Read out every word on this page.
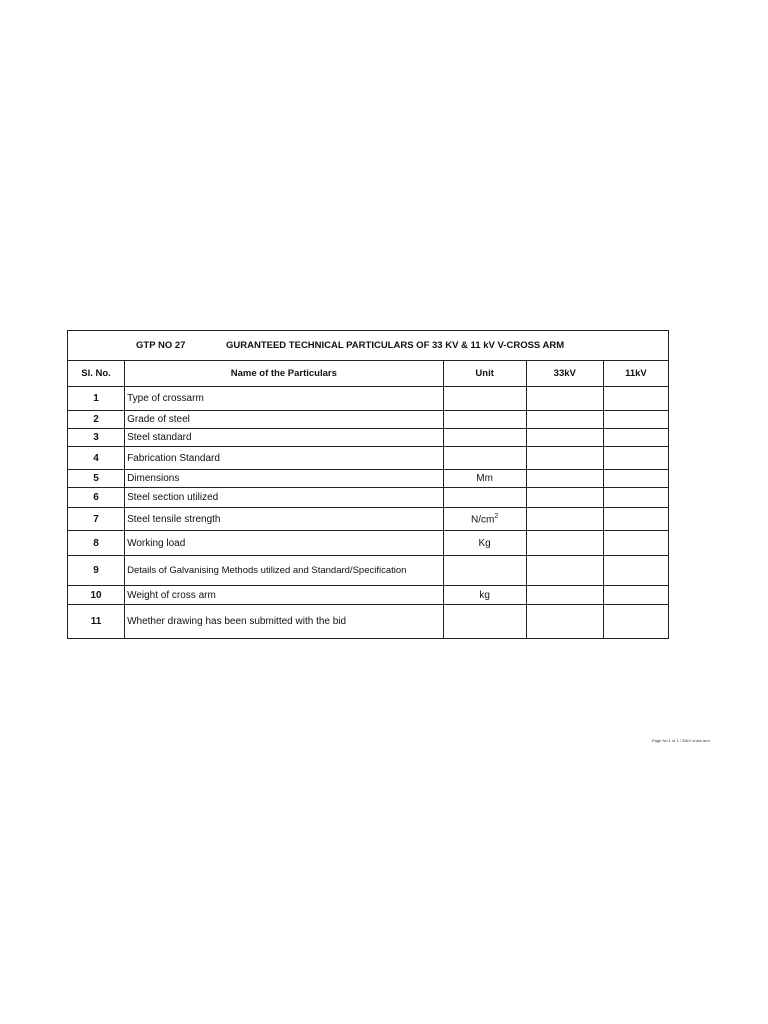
GTP NO 27 GURANTEED TECHNICAL PARTICULARS OF 33 KV & 11 kV V-CROSS ARM				
Sl. No.	Name of the Particulars	Unit	33kV	11kV
1	Type of crossarm			
2	Grade of steel			
3	Steel standard			
4	Fabrication Standard			
5	Dimensions	Mm		
6	Steel section utilized			
7	Steel tensile strength	$N/cm^2$		
8	Working load	Kg		
9	Details of Galvanising Methods utilized and Standard/Specification			
10	Weight of cross arm	kg		
11	Whether drawing has been submitted with the bid			
Page No 1 of 1 / 33kV cross arm
